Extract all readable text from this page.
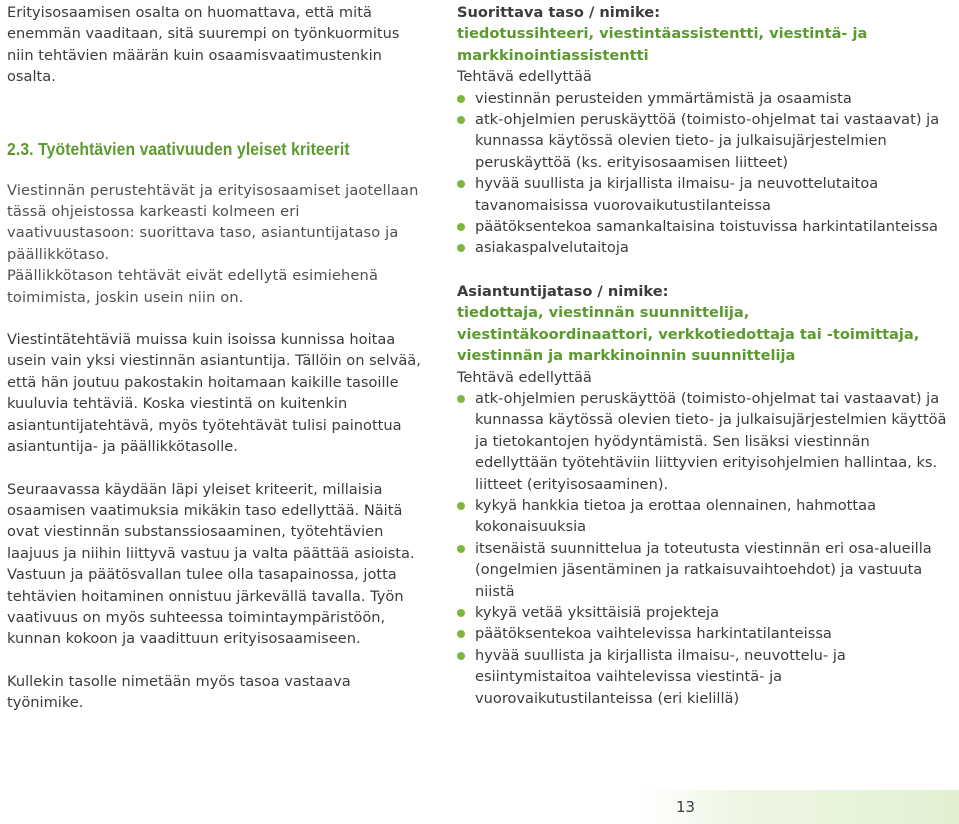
Erityisosaamisen osalta on huomattava, että mitä enemmän vaaditaan, sitä suurempi on työnkuormitus niin tehtävien määrän kuin osaamisvaatimustenkin osalta.

2.3. Työtehtävien vaativuuden yleiset kriteerit

Viestinnän perustehtävät ja erityisosaamiset jaotellaan tässä ohjeistossa karkeasti kolmeen eri vaativuustasoon: suorittava taso, asiantuntijataso ja päällikkötaso.

Päällikkötason tehtävät eivät edellytä esimiehenä toimimista, joskin usein niin on.

Viestintätehtäviä muissa kuin isoissa kunnissa hoitaa usein vain yksi viestinnän asiantuntija. Tällöin on selvää, että hän joutuu pakostakin hoitamaan kaikille tasoille kuuluvia tehtäviä. Koska viestintä on kuitenkin asiantuntijatehtävä, myös työtehtävät tulisi painottua asiantuntija- ja päällikkötasolle.

Seuraavassa käydään läpi yleiset kriteerit, millaisia osaamisen vaatimuksia mikäkin taso edellyttää. Näitä ovat viestinnän substanssiosaaminen, työtehtävien laajuus ja niihin liittyvä vastuu ja valta päättää asioista. Vastuun ja päätösvallan tulee olla tasapainossa, jotta tehtävien hoitaminen onnistuu järkevällä tavalla. Työn vaativuus on myös suhteessa toimintaympäristöön, kunnan kokoon ja vaadittuun erityisosaamiseen.

Kullekin tasolle nimetään myös tasoa vastaava työnimike.

Suorittava taso / nimike:

tiedotussihteeri, viestintäassistentti, viestintä- ja markkinointiassistentti

Tehtävä edellyttää

viestinnän perusteiden ymmärtämistä ja osaamista
atk-ohjelmien peruskäyttöä (toimisto-ohjelmat tai vastaavat) ja kunnassa käytössä olevien tieto- ja julkaisujärjestelmien peruskäyttöä (ks. erityisosaamisen liitteet)
hyvää suullista ja kirjallista ilmaisu- ja neuvottelutaitoa tavanomaisissa vuorovaikutustilanteissa
päätöksentekoa samankaltaisina toistuvissa harkintatilanteissa
asiakaspalvelutaitoja

Asiantuntijataso / nimike:

tiedottaja, viestinnän suunnittelija, viestintäkoordinaattori, verkkotiedottaja tai -toimittaja, viestinnän ja markkinoinnin suunnittelija

Tehtävä edellyttää

atk-ohjelmien peruskäyttöä (toimisto-ohjelmat tai vastaavat) ja kunnassa käytössä olevien tieto- ja julkaisujärjestelmien käyttöä ja tietokantojen hyödyntämistä. Sen lisäksi viestinnän edellyttään työtehtäviin liittyvien erityisohjelmien hallintaa, ks. liitteet (erityisosaaminen).
kykyä hankkia tietoa ja erottaa olennainen, hahmottaa kokonaisuuksia
itsenäistä suunnittelua ja toteutusta viestinnän eri osa-alueilla (ongelmien jäsentäminen ja ratkaisuvaihtoehdot) ja vastuuta niistä
kykyä vetää yksittäisiä projekteja
päätöksentekoa vaihtelevissa harkintatilanteissa
hyvää suullista ja kirjallista ilmaisu-, neuvottelu- ja esiintymistaitoa vaihtelevissa viestintä- ja vuorovaikutustilanteissa (eri kielillä)
13
